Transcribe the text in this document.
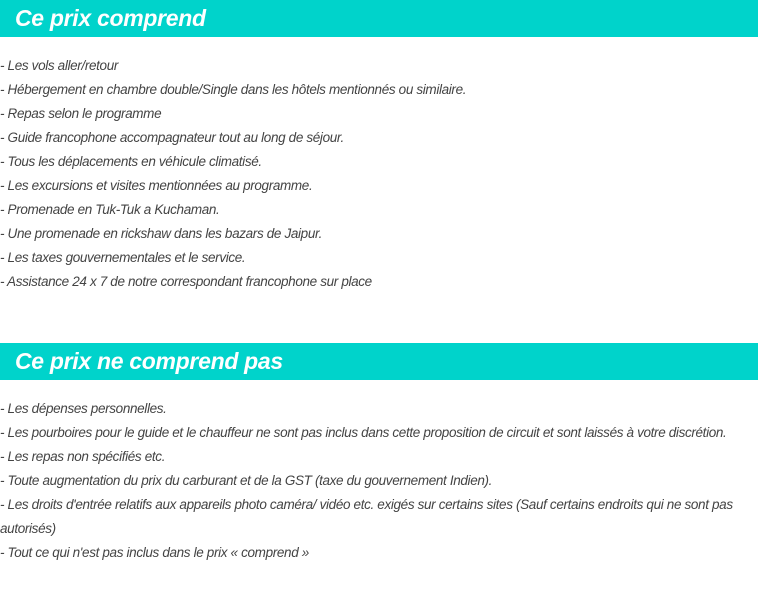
Ce prix comprend
- Les vols aller/retour
- Hébergement en chambre double/Single dans les hôtels mentionnés ou similaire.
- Repas selon le programme
- Guide francophone accompagnateur tout au long de séjour.
- Tous les déplacements en véhicule climatisé.
- Les excursions et visites mentionnées au programme.
- Promenade en Tuk-Tuk a Kuchaman.
- Une promenade en rickshaw dans les bazars de Jaipur.
- Les taxes gouvernementales et le service.
- Assistance 24 x 7 de notre correspondant francophone sur place
Ce prix ne comprend pas
- Les dépenses personnelles.
- Les pourboires pour le guide et le chauffeur ne sont pas inclus dans cette proposition de circuit et sont laissés à votre discrétion.
- Les repas non spécifiés etc.
- Toute augmentation du prix du carburant et de la GST (taxe du gouvernement Indien).
- Les droits d'entrée relatifs aux appareils photo caméra/ vidéo etc. exigés sur certains sites (Sauf certains endroits qui ne sont pas autorisés)
- Tout ce qui n'est pas inclus dans le prix « comprend »
